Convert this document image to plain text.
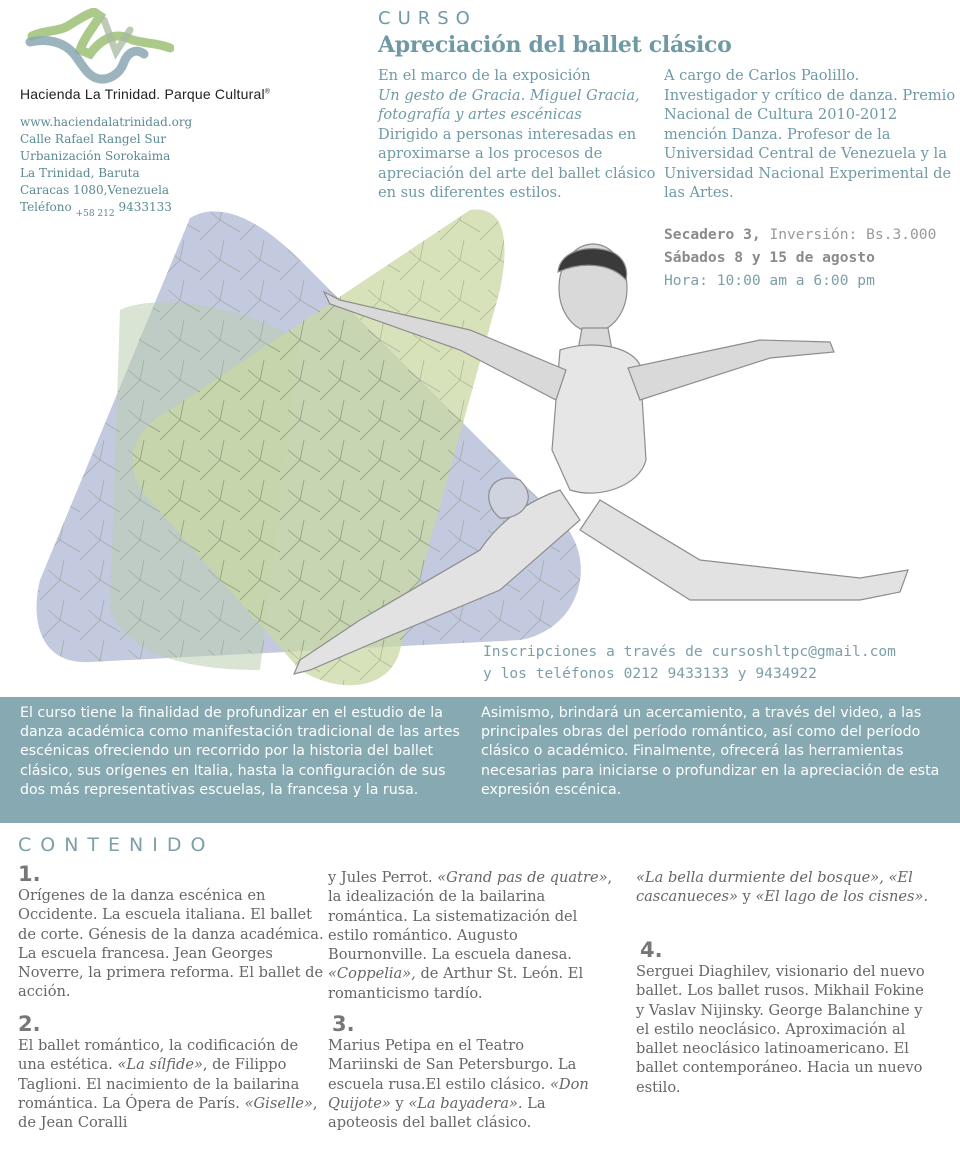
Hacienda La Trinidad. Parque Cultural®
www.haciendalatrinidad.org
Calle Rafael Rangel Sur
Urbanización Sorokaima
La Trinidad, Baruta
Caracas 1080,Venezuela
Teléfono $_{+58 212}$ 9433133
CURSO
Apreciación del ballet clásico
En el marco de la exposición
Un gesto de Gracia. Miguel Gracia, fotografía y artes escénicas
Dirigido a personas interesadas en aproximarse a los procesos de apreciación del arte del ballet clásico en sus diferentes estilos.
A cargo de Carlos Paolillo. Investigador y crítico de danza. Premio Nacional de Cultura 2010-2012 mención Danza. Profesor de la Universidad Central de Venezuela y la Universidad Nacional Experimental de las Artes.
Secadero 3, Inversión: Bs.3.000
Sábados 8 y 15 de agosto
Hora: 10:00 am a 6:00 pm
Inscripciones a través de cursoshltpc@gmail.com
y los teléfonos 0212 9433133 y 9434922
El curso tiene la finalidad de profundizar en el estudio de la danza académica como manifestación tradicional de las artes escénicas ofreciendo un recorrido por la historia del ballet clásico, sus orígenes en Italia, hasta la configuración de sus dos más representativas escuelas, la francesa y la rusa.
Asimismo, brindará un acercamiento, a través del video, a las principales obras del período romántico, así como del período clásico o académico. Finalmente, ofrecerá las herramientas necesarias para iniciarse o profundizar en la apreciación de esta expresión escénica.
CONTENIDO
1.
Orígenes de la danza escénica en Occidente. La escuela italiana. El ballet de corte. Génesis de la danza académica. La escuela francesa. Jean Georges Noverre, la primera reforma. El ballet de acción.
2.
El ballet romántico, la codificación de una estética. «La sílfide», de Filippo Taglioni. El nacimiento de la bailarina romántica. La Ópera de París. «Giselle», de Jean Coralli
y Jules Perrot. «Grand pas de quatre», la idealización de la bailarina romántica. La sistematización del estilo romántico. Augusto Bournonville. La escuela danesa. «Coppelia», de Arthur St. León. El romanticismo tardío.
3.
Marius Petipa en el Teatro Mariinski de San Petersburgo. La escuela rusa.El estilo clásico. «Don Quijote» y «La bayadera». La apoteosis del ballet clásico.
«La bella durmiente del bosque», «El cascanueces» y «El lago de los cisnes».
4.
Serguei Diaghilev, visionario del nuevo ballet. Los ballet rusos. Mikhail Fokine y Vaslav Nijinsky. George Balanchine y el estilo neoclásico. Aproximación al ballet neoclásico latinoamericano. El ballet contemporáneo. Hacia un nuevo estilo.
